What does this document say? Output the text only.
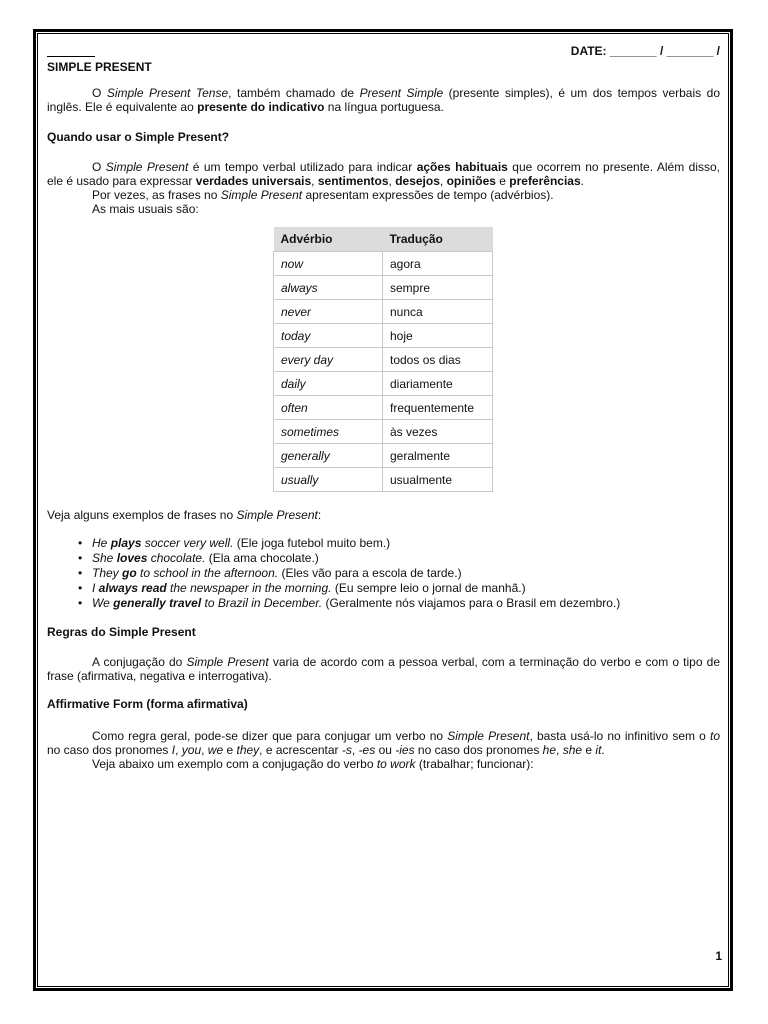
DATE: _______ / _______ /
SIMPLE PRESENT

O Simple Present Tense, também chamado de Present Simple (presente simples), é um dos tempos verbais do inglês. Ele é equivalente ao presente do indicativo na língua portuguesa.

Quando usar o Simple Present?

O Simple Present é um tempo verbal utilizado para indicar ações habituais que ocorrem no presente. Além disso, ele é usado para expressar verdades universais, sentimentos, desejos, opiniões e preferências.

Por vezes, as frases no Simple Present apresentam expressões de tempo (advérbios).

As mais usuais são:

Advérbio	Tradução
now	agora
always	sempre
never	nunca
today	hoje
every day	todos os dias
daily	diariamente
often	frequentemente
sometimes	às vezes
generally	geralmente
usually	usualmente

Veja alguns exemplos de frases no Simple Present:

• He plays soccer very well. (Ele joga futebol muito bem.)
• She loves chocolate. (Ela ama chocolate.)
• They go to school in the afternoon. (Eles vão para a escola de tarde.)
• I always read the newspaper in the morning. (Eu sempre leio o jornal de manhã.)
• We generally travel to Brazil in December. (Geralmente nós viajamos para o Brasil em dezembro.)

Regras do Simple Present

A conjugação do Simple Present varia de acordo com a pessoa verbal, com a terminação do verbo e com o tipo de frase (afirmativa, negativa e interrogativa).

Affirmative Form (forma afirmativa)

Como regra geral, pode-se dizer que para conjugar um verbo no Simple Present, basta usá-lo no infinitivo sem o to no caso dos pronomes I, you, we e they, e acrescentar -s, -es ou -ies no caso dos pronomes he, she e it.

Veja abaixo um exemplo com a conjugação do verbo to work (trabalhar; funcionar):

1
